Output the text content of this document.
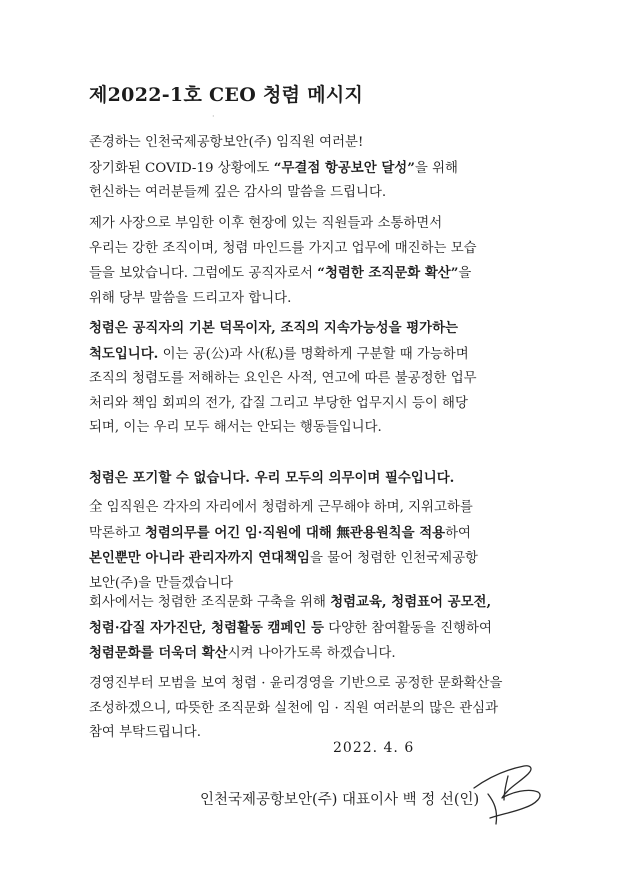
제2022-1호 CEO 청렴 메시지
·

존경하는 인천국제공항보안(주) 임직원 여러분!
장기화된 COVID-19 상황에도 “무결점 항공보안 달성”을 위해
헌신하는 여러분들께 깊은 감사의 말씀을 드립니다.

제가 사장으로 부임한 이후 현장에 있는 직원들과 소통하면서
우리는 강한 조직이며, 청렴 마인드를 가지고 업무에 매진하는 모습
들을 보았습니다. 그럼에도 공직자로서 “청렴한 조직문화 확산”을
위해 당부 말씀을 드리고자 합니다.

청렴은 공직자의 기본 덕목이자, 조직의 지속가능성을 평가하는
척도입니다. 이는 공(公)과 사(私)를 명확하게 구분할 때 가능하며
조직의 청렴도를 저해하는 요인은 사적, 연고에 따른 불공정한 업무
처리와 책임 회피의 전가, 갑질 그리고 부당한 업무지시 등이 해당
되며, 이는 우리 모두 해서는 안되는 행동들입니다.

청렴은 포기할 수 없습니다. 우리 모두의 의무이며 필수입니다.

全 임직원은 각자의 자리에서 청렴하게 근무해야 하며, 지위고하를
막론하고 청렴의무를 어긴 임·직원에 대해 無관용원칙을 적용하여
본인뿐만 아니라 관리자까지 연대책임을 물어 청렴한 인천국제공항
보안(주)을 만들겠습니다

회사에서는 청렴한 조직문화 구축을 위해 청렴교육, 청렴표어 공모전,
청렴·갑질 자가진단, 청렴활동 캠페인 등 다양한 참여활동을 진행하여
청렴문화를 더욱더 확산시켜 나아가도록 하겠습니다.

경영진부터 모범을 보여 청렴 · 윤리경영을 기반으로 공정한 문화확산을
조성하겠으니, 따뜻한 조직문화 실천에 임 · 직원 여러분의 많은 관심과
참여 부탁드립니다.

2022. 4. 6

인천국제공항보안(주) 대표이사 백 정 선(인)
